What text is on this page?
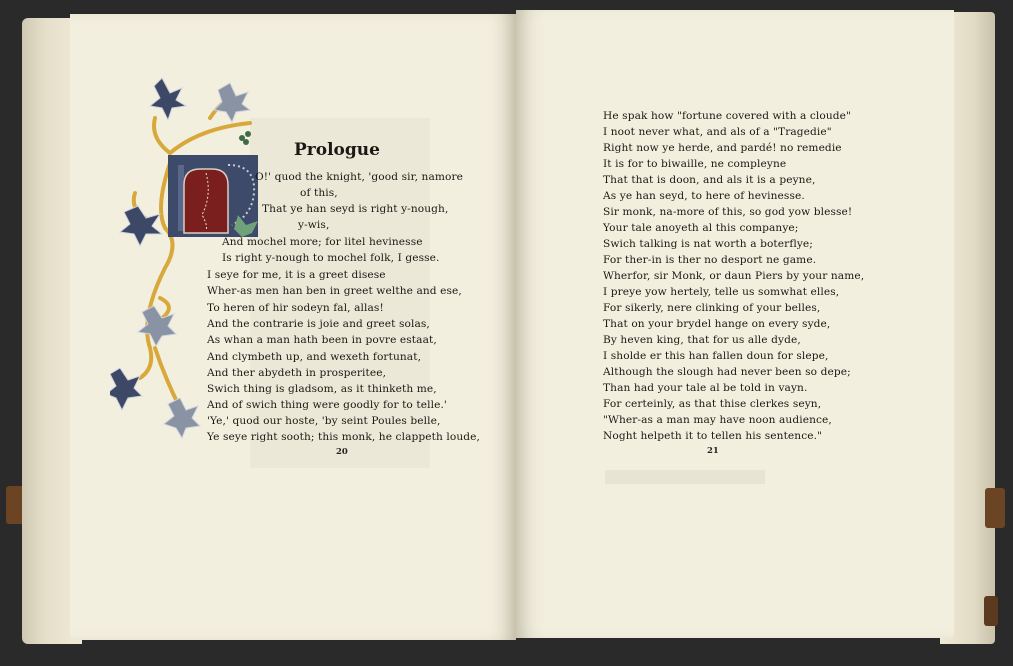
Prologue

O!' quod the knight, 'good sir, namore

of this,

That ye han seyd is right y-nough,

y-wis,

And mochel more; for litel hevinesse

Is right y-nough to mochel folk, I gesse.

I seye for me, it is a greet disese

Wher-as men han ben in greet welthe and ese,

To heren of hir sodeyn fal, allas!

And the contrarie is joie and greet solas,

As whan a man hath been in povre estaat,

And clymbeth up, and wexeth fortunat,

And ther abydeth in prosperitee,

Swich thing is gladsom, as it thinketh me,

And of swich thing were goodly for to telle.'

'Ye,' quod our hoste, 'by seint Poules belle,

Ye seye right sooth; this monk, he clappeth loude,

20

He spak how "fortune covered with a cloude"

I noot never what, and als of a "Tragedie"

Right now ye herde, and pardé! no remedie

It is for to biwaille, ne compleyne

That that is doon, and als it is a peyne,

As ye han seyd, to here of hevinesse.

Sir monk, na-more of this, so god yow blesse!

Your tale anoyeth al this companye;

Swich talking is nat worth a boterflye;

For ther-in is ther no desport ne game.

Wherfor, sir Monk, or daun Piers by your name,

I preye yow hertely, telle us somwhat elles,

For sikerly, nere clinking of your belles,

That on your brydel hange on every syde,

By heven king, that for us alle dyde,

I sholde er this han fallen doun for slepe,

Although the slough had never been so depe;

Than had your tale al be told in vayn.

For certeinly, as that thise clerkes seyn,

"Wher-as a man may have noon audience,

Noght helpeth it to tellen his sentence."

21
